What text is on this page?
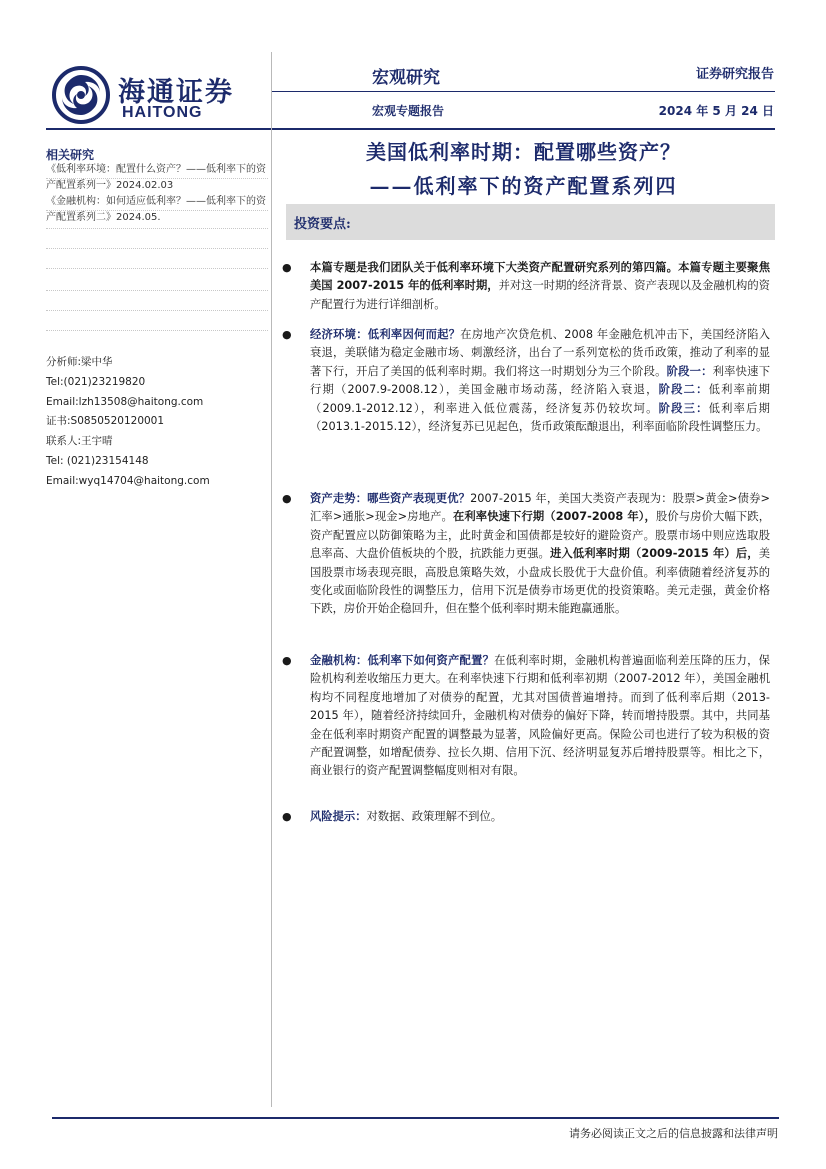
海通证券
HAITONG
宏观研究	证券研究报告
宏观专题报告	2024 年 5 月 24 日
相关研究
《低利率环境：配置什么资产？——低利率下的资产配置系列一》2024.02.03
《金融机构：如何适应低利率？——低利率下的资产配置系列二》2024.05.
分析师:梁中华
Tel:(021)23219820
Email:lzh13508@haitong.com
证书:S0850520120001
联系人:王宇晴
Tel: (021)23154148
Email:wyq14704@haitong.com
美国低利率时期：配置哪些资产？
——低利率下的资产配置系列四
投资要点:
● 本篇专题是我们团队关于低利率环境下大类资产配置研究系列的第四篇。本篇专题主要聚焦美国 2007-2015 年的低利率时期，并对这一时期的经济背景、资产表现以及金融机构的资产配置行为进行详细剖析。
● 经济环境：低利率因何而起？在房地产次贷危机、2008 年金融危机冲击下，美国经济陷入衰退，美联储为稳定金融市场、刺激经济，出台了一系列宽松的货币政策，推动了利率的显著下行，开启了美国的低利率时期。我们将这一时期划分为三个阶段。阶段一：利率快速下行期（2007.9-2008.12），美国金融市场动荡，经济陷入衰退，阶段二：低利率前期（2009.1-2012.12），利率进入低位震荡，经济复苏仍较坎坷。阶段三：低利率后期（2013.1-2015.12），经济复苏已见起色，货币政策酝酿退出，利率面临阶段性调整压力。
● 资产走势：哪些资产表现更优？2007-2015 年，美国大类资产表现为：股票>黄金>债券>汇率>通胀>现金>房地产。在利率快速下行期（2007-2008 年），股价与房价大幅下跌，资产配置应以防御策略为主，此时黄金和国债都是较好的避险资产。股票市场中则应选取股息率高、大盘价值板块的个股，抗跌能力更强。进入低利率时期（2009-2015 年）后，美国股票市场表现亮眼，高股息策略失效，小盘成长股优于大盘价值。利率债随着经济复苏的变化或面临阶段性的调整压力，信用下沉是债券市场更优的投资策略。美元走强，黄金价格下跌，房价开始企稳回升，但在整个低利率时期未能跑赢通胀。
● 金融机构：低利率下如何资产配置？在低利率时期，金融机构普遍面临利差压降的压力，保险机构利差收缩压力更大。在利率快速下行期和低利率初期（2007-2012 年），美国金融机构均不同程度地增加了对债券的配置，尤其对国债普遍增持。而到了低利率后期（2013-2015 年），随着经济持续回升，金融机构对债券的偏好下降，转而增持股票。其中，共同基金在低利率时期资产配置的调整最为显著，风险偏好更高。保险公司也进行了较为积极的资产配置调整，如增配债券、拉长久期、信用下沉、经济明显复苏后增持股票等。相比之下，商业银行的资产配置调整幅度则相对有限。
● 风险提示：对数据、政策理解不到位。
请务必阅读正文之后的信息披露和法律声明
